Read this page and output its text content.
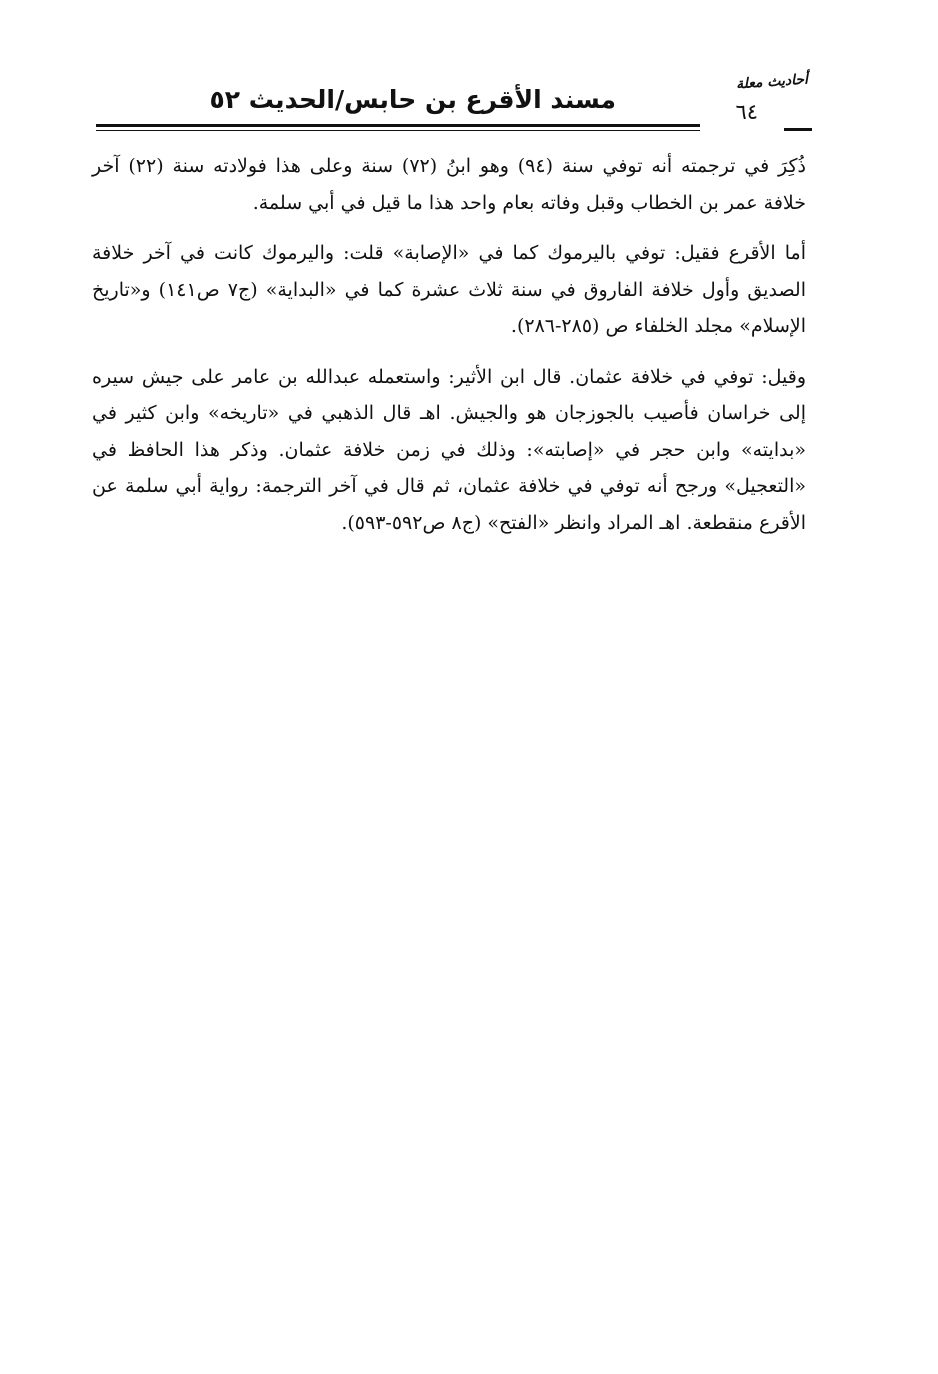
مسند الأقرع بن حابس/الحديث ٥٢
أحاديث معلة
٦٤

ذُكِرَ في ترجمته أنه توفي سنة (٩٤) وهو ابنُ (٧٢) سنة وعلى هذا فولادته سنة (٢٢) آخر خلافة عمر بن الخطاب وقبل وفاته بعام واحد هذا ما قيل في أبي سلمة.

أما الأقرع فقيل: توفي باليرموك كما في «الإصابة» قلت: واليرموك كانت في آخر خلافة الصديق وأول خلافة الفاروق في سنة ثلاث عشرة كما في «البداية» (ج٧ ص١٤١) و«تاريخ الإسلام» مجلد الخلفاء ص (٢٨٥-٢٨٦).

وقيل: توفي في خلافة عثمان. قال ابن الأثير: واستعمله عبدالله بن عامر على جيش سيره إلى خراسان فأصيب بالجوزجان هو والجيش. اهـ قال الذهبي في «تاريخه» وابن كثير في «بدايته» وابن حجر في «إصابته»: وذلك في زمن خلافة عثمان. وذكر هذا الحافظ في «التعجيل» ورجح أنه توفي في خلافة عثمان، ثم قال في آخر الترجمة: رواية أبي سلمة عن الأقرع منقطعة. اهـ المراد وانظر «الفتح» (ج٨ ص٥٩٢-٥٩٣).
